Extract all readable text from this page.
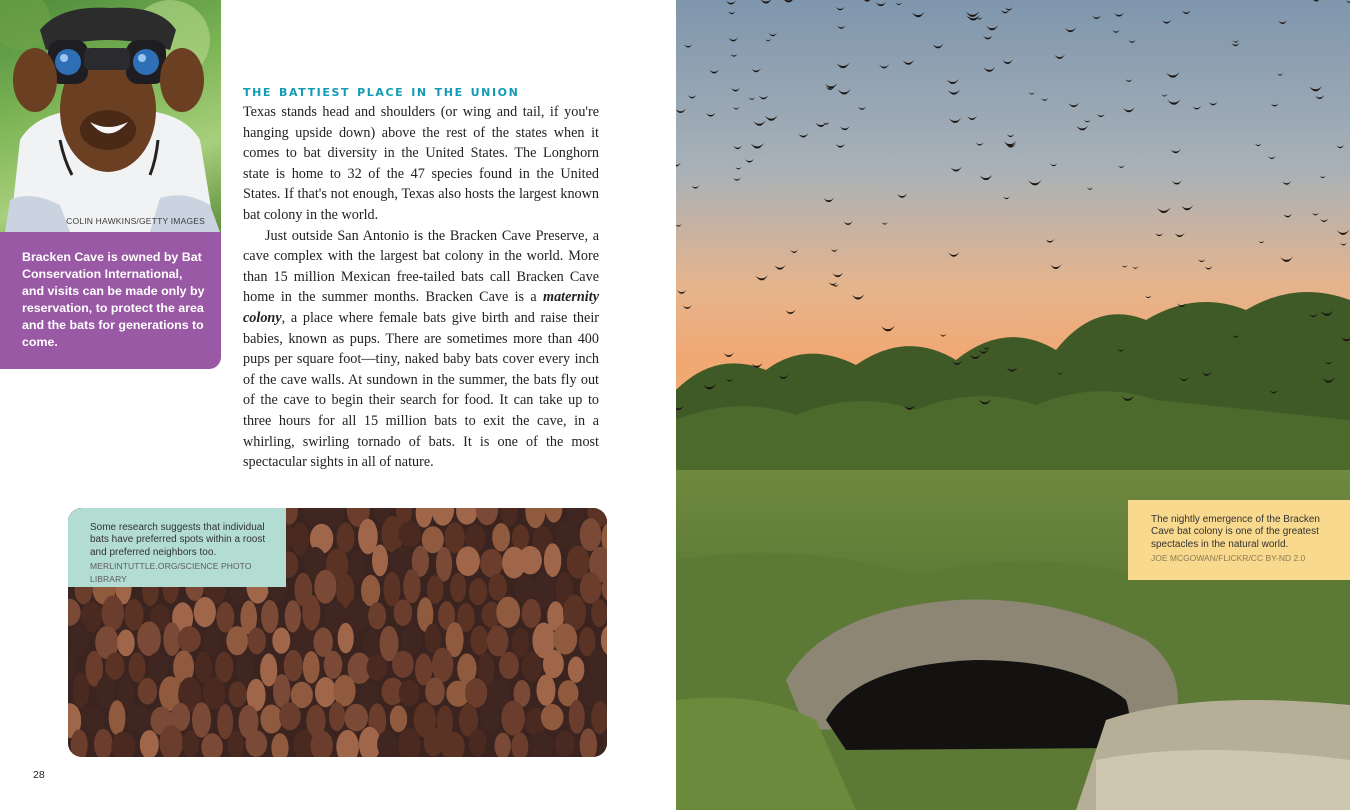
COLIN HAWKINS/GETTY IMAGES
Bracken Cave is owned by Bat Conservation International, and visits can be made only by reservation, to protect the area and the bats for generations to come.
the battiest place in the union

Texas stands head and shoulders (or wing and tail, if you're hanging upside down) above the rest of the states when it comes to bat diversity in the United States. The Longhorn state is home to 32 of the 47 species found in the United States. If that's not enough, Texas also hosts the largest known bat colony in the world.

Just outside San Antonio is the Bracken Cave Preserve, a cave complex with the largest bat colony in the world. More than 15 million Mexican free-tailed bats call Bracken Cave home in the summer months. Bracken Cave is a maternity colony, a place where female bats give birth and raise their babies, known as pups. There are sometimes more than 400 pups per square foot—tiny, naked baby bats cover every inch of the cave walls. At sundown in the summer, the bats fly out of the cave to begin their search for food. It can take up to three hours for all 15 million bats to exit the cave, in a whirling, swirling tornado of bats. It is one of the most spectacular sights in all of nature.

Some research suggests that individual bats have preferred spots within a roost and preferred neighbors too.
MERLINTUTTLE.ORG/SCIENCE PHOTO LIBRARY
28
The nightly emergence of the Bracken Cave bat colony is one of the greatest spectacles in the natural world.
JOE MCGOWAN/FLICKR/CC BY-ND 2.0
